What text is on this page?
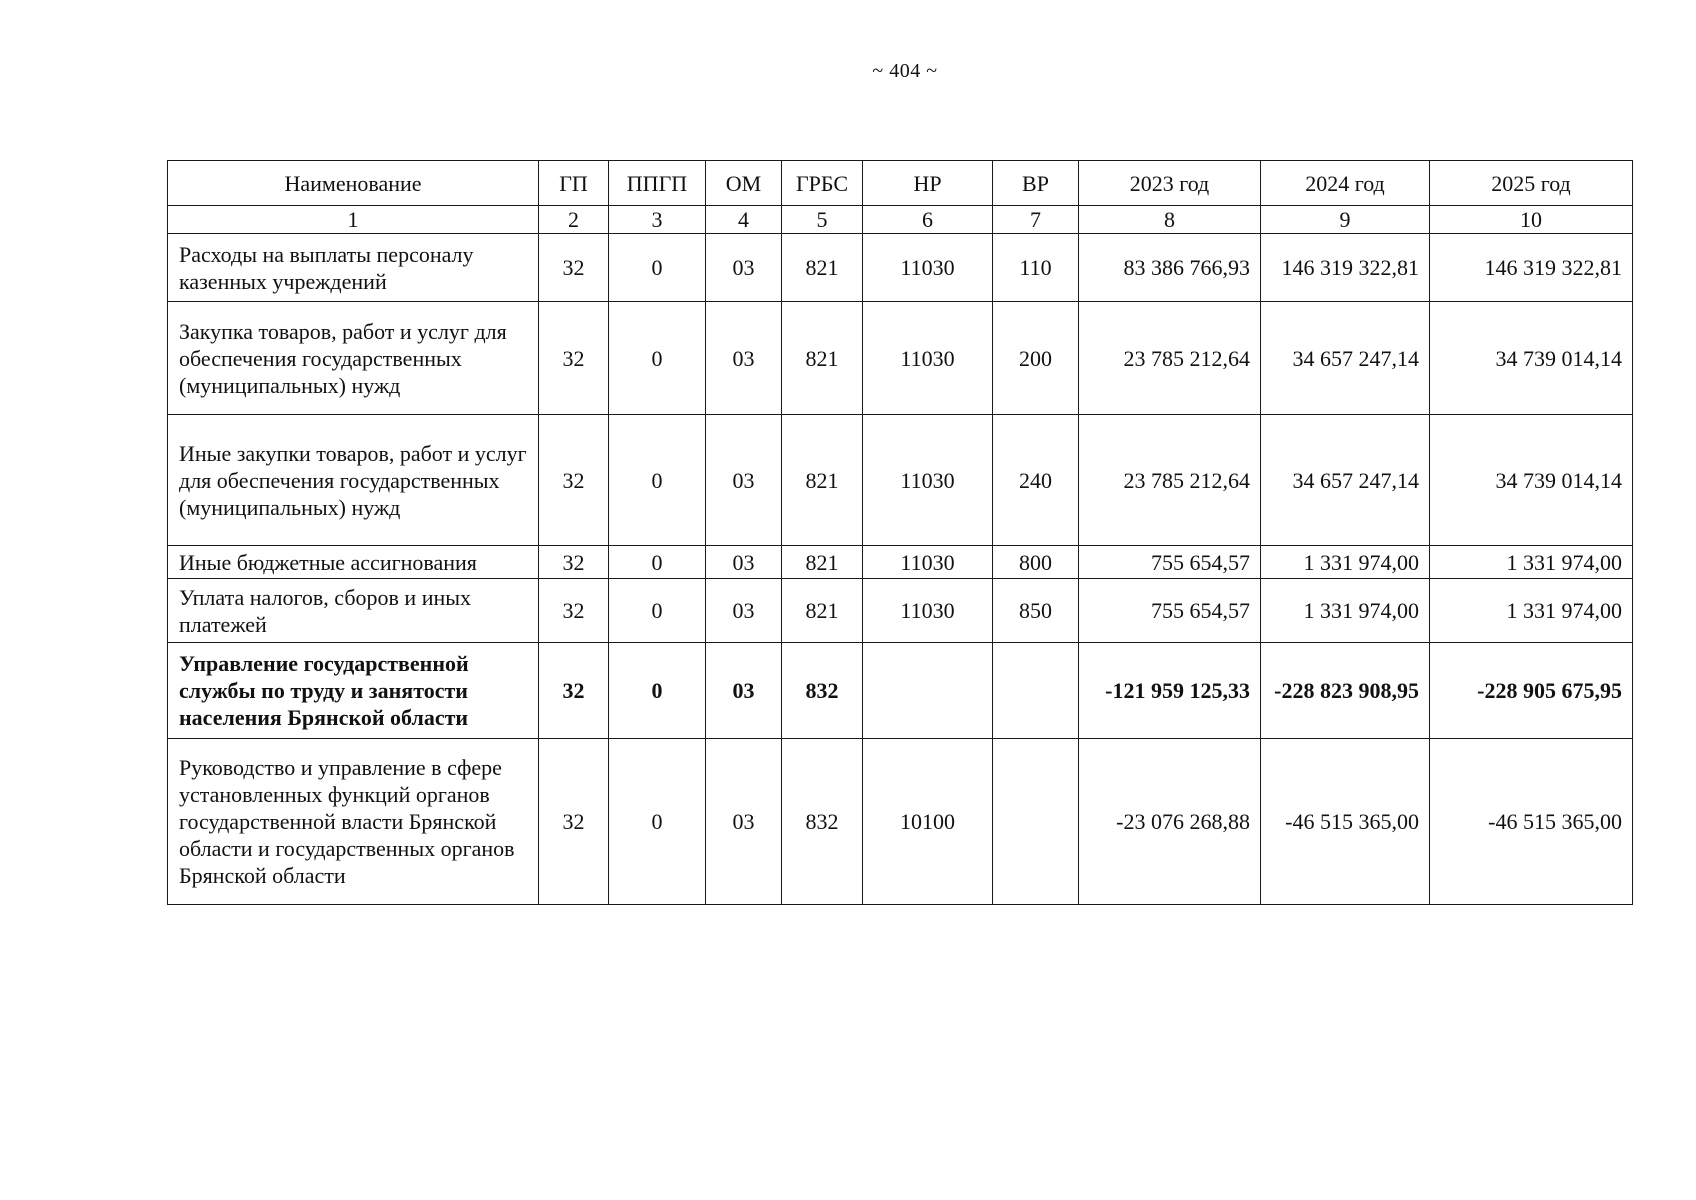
~ 404 ~
Наименование	ГП	ППГП	ОМ	ГРБС	НР	ВР	2023 год	2024 год	2025 год
1	2	3	4	5	6	7	8	9	10
Расходы на выплаты персоналу казенных учреждений	32	0	03	821	11030	110	83 386 766,93	146 319 322,81	146 319 322,81
Закупка товаров, работ и услуг для обеспечения государственных (муниципальных) нужд	32	0	03	821	11030	200	23 785 212,64	34 657 247,14	34 739 014,14
Иные закупки товаров, работ и услуг для обеспечения государственных (муниципальных) нужд	32	0	03	821	11030	240	23 785 212,64	34 657 247,14	34 739 014,14
Иные бюджетные ассигнования	32	0	03	821	11030	800	755 654,57	1 331 974,00	1 331 974,00
Уплата налогов, сборов и иных платежей	32	0	03	821	11030	850	755 654,57	1 331 974,00	1 331 974,00
Управление государственной службы по труду и занятости населения Брянской области	32	0	03	832			-121 959 125,33	-228 823 908,95	-228 905 675,95
Руководство и управление в сфере установленных функций органов государственной власти Брянской области и государственных органов Брянской области	32	0	03	832	10100		-23 076 268,88	-46 515 365,00	-46 515 365,00
